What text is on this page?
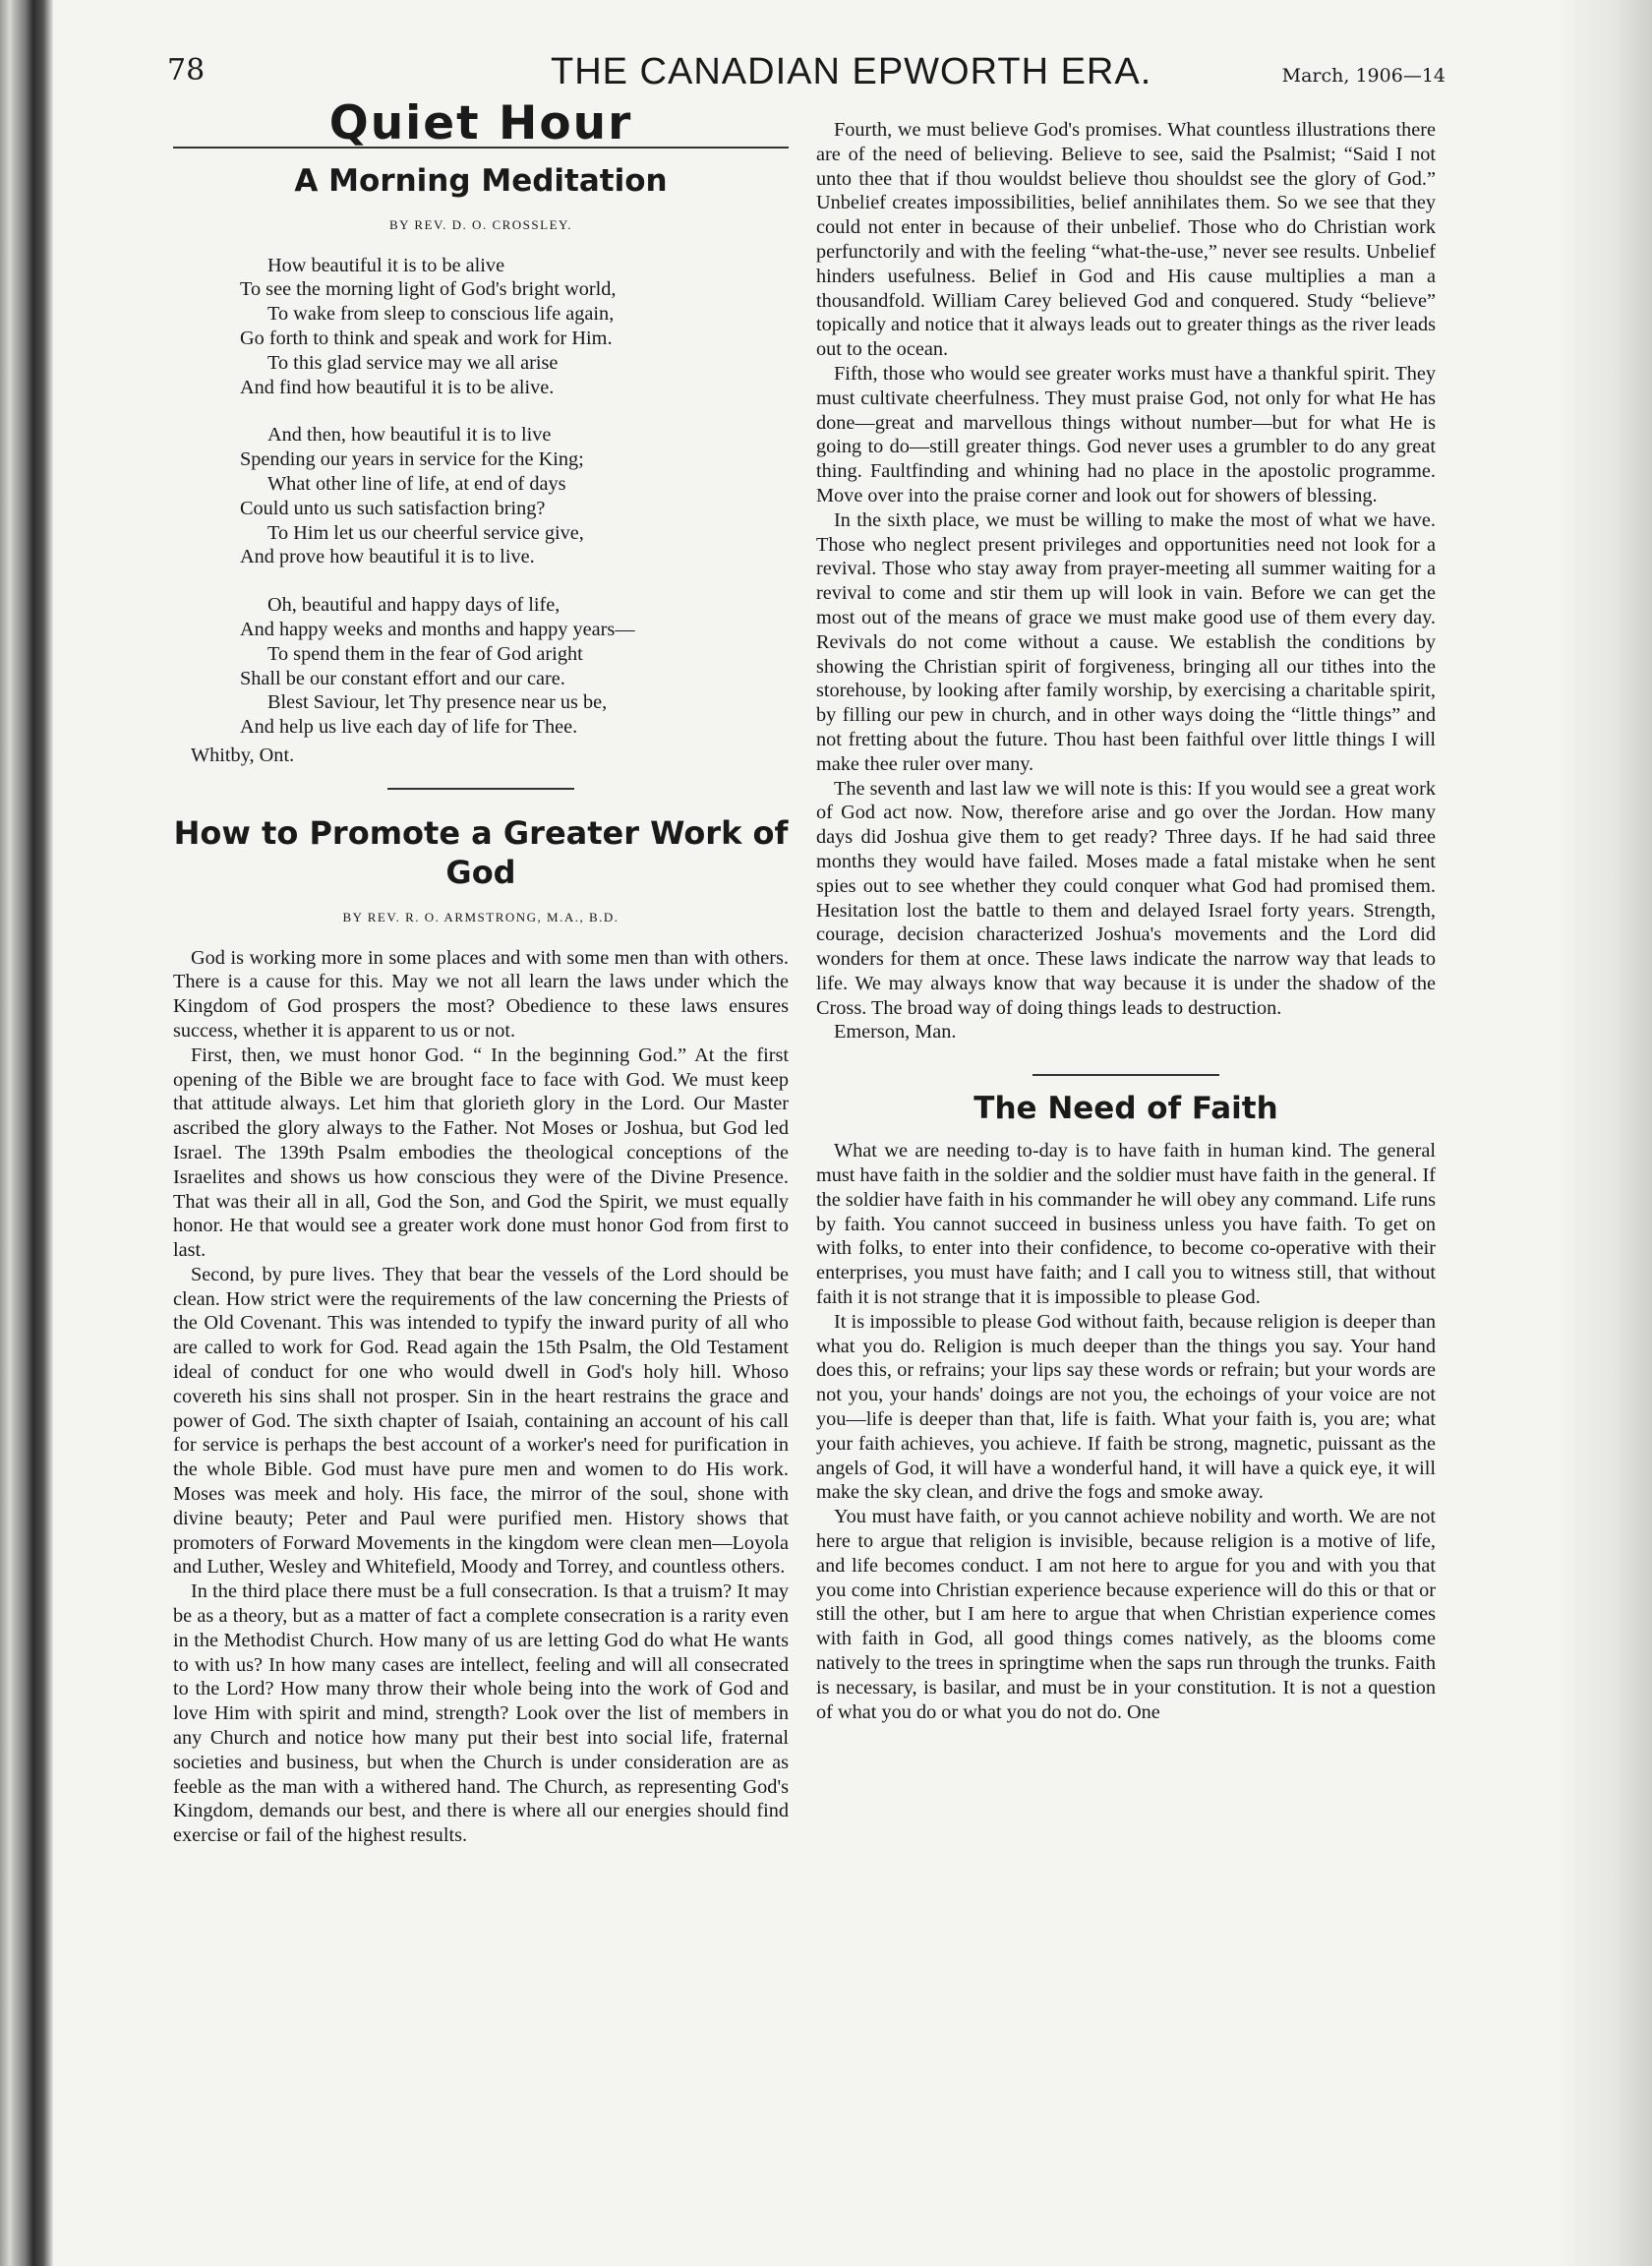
78	THE CANADIAN EPWORTH ERA.	March, 1906—14
Quiet Hour
A Morning Meditation
BY REV. D. O. CROSSLEY.
How beautiful it is to be alive
To see the morning light of God's bright world,
To wake from sleep to conscious life again,
Go forth to think and speak and work for Him.
To this glad service may we all arise
And find how beautiful it is to be alive.
And then, how beautiful it is to live
Spending our years in service for the King;
What other line of life, at end of days
Could unto us such satisfaction bring?
To Him let us our cheerful service give,
And prove how beautiful it is to live.
Oh, beautiful and happy days of life,
And happy weeks and months and happy years—
To spend them in the fear of God aright
Shall be our constant effort and our care.
Blest Saviour, let Thy presence near us be,
And help us live each day of life for Thee.
Whitby, Ont.
How to Promote a Greater Work of God
BY REV. R. O. ARMSTRONG, M.A., B.D.

God is working more in some places and with some men than with others. There is a cause for this. May we not all learn the laws under which the Kingdom of God prospers the most? Obedience to these laws ensures success, whether it is apparent to us or not.

First, then, we must honor God. “ In the beginning God.” At the first opening of the Bible we are brought face to face with God. We must keep that attitude always. Let him that glorieth glory in the Lord. Our Master ascribed the glory always to the Father. Not Moses or Joshua, but God led Israel. The 139th Psalm embodies the theological conceptions of the Israelites and shows us how conscious they were of the Divine Presence. That was their all in all, God the Son, and God the Spirit, we must equally honor. He that would see a greater work done must honor God from first to last.

Second, by pure lives. They that bear the vessels of the Lord should be clean. How strict were the requirements of the law concerning the Priests of the Old Covenant. This was intended to typify the inward purity of all who are called to work for God. Read again the 15th Psalm, the Old Testament ideal of conduct for one who would dwell in God's holy hill. Whoso covereth his sins shall not prosper. Sin in the heart restrains the grace and power of God. The sixth chapter of Isaiah, containing an account of his call for service is perhaps the best account of a worker's need for purification in the whole Bible. God must have pure men and women to do His work. Moses was meek and holy. His face, the mirror of the soul, shone with divine beauty; Peter and Paul were purified men. History shows that promoters of Forward Movements in the kingdom were clean men—Loyola and Luther, Wesley and Whitefield, Moody and Torrey, and countless others.

In the third place there must be a full consecration. Is that a truism? It may be as a theory, but as a matter of fact a complete consecration is a rarity even in the Methodist Church. How many of us are letting God do what He wants to with us? In how many cases are intellect, feeling and will all consecrated to the Lord? How many throw their whole being into the work of God and love Him with spirit and mind, strength? Look over the list of members in any Church and notice how many put their best into social life, fraternal societies and business, but when the Church is under consideration are as feeble as the man with a withered hand. The Church, as representing God's Kingdom, demands our best, and there is where all our energies should find exercise or fail of the highest results.

Fourth, we must believe God's promises. What countless illustrations there are of the need of believing. Believe to see, said the Psalmist; “Said I not unto thee that if thou wouldst believe thou shouldst see the glory of God.” Unbelief creates impossibilities, belief annihilates them. So we see that they could not enter in because of their unbelief. Those who do Christian work perfunctorily and with the feeling “what-the-use,” never see results. Unbelief hinders usefulness. Belief in God and His cause multiplies a man a thousandfold. William Carey believed God and conquered. Study “believe” topically and notice that it always leads out to greater things as the river leads out to the ocean.

Fifth, those who would see greater works must have a thankful spirit. They must cultivate cheerfulness. They must praise God, not only for what He has done—great and marvellous things without number—but for what He is going to do—still greater things. God never uses a grumbler to do any great thing. Faultfinding and whining had no place in the apostolic programme. Move over into the praise corner and look out for showers of blessing.

In the sixth place, we must be willing to make the most of what we have. Those who neglect present privileges and opportunities need not look for a revival. Those who stay away from prayer-meeting all summer waiting for a revival to come and stir them up will look in vain. Before we can get the most out of the means of grace we must make good use of them every day. Revivals do not come without a cause. We establish the conditions by showing the Christian spirit of forgiveness, bringing all our tithes into the storehouse, by looking after family worship, by exercising a charitable spirit, by filling our pew in church, and in other ways doing the “little things” and not fretting about the future. Thou hast been faithful over little things I will make thee ruler over many.

The seventh and last law we will note is this: If you would see a great work of God act now. Now, therefore arise and go over the Jordan. How many days did Joshua give them to get ready? Three days. If he had said three months they would have failed. Moses made a fatal mistake when he sent spies out to see whether they could conquer what God had promised them. Hesitation lost the battle to them and delayed Israel forty years. Strength, courage, decision characterized Joshua's movements and the Lord did wonders for them at once. These laws indicate the narrow way that leads to life. We may always know that way because it is under the shadow of the Cross. The broad way of doing things leads to destruction.

Emerson, Man.
The Need of Faith

What we are needing to-day is to have faith in human kind. The general must have faith in the soldier and the soldier must have faith in the general. If the soldier have faith in his commander he will obey any command. Life runs by faith. You cannot succeed in business unless you have faith. To get on with folks, to enter into their confidence, to become co-operative with their enterprises, you must have faith; and I call you to witness still, that without faith it is not strange that it is impossible to please God.

It is impossible to please God without faith, because religion is deeper than what you do. Religion is much deeper than the things you say. Your hand does this, or refrains; your lips say these words or refrain; but your words are not you, your hands' doings are not you, the echoings of your voice are not you—life is deeper than that, life is faith. What your faith is, you are; what your faith achieves, you achieve. If faith be strong, magnetic, puissant as the angels of God, it will have a wonderful hand, it will have a quick eye, it will make the sky clean, and drive the fogs and smoke away.

You must have faith, or you cannot achieve nobility and worth. We are not here to argue that religion is invisible, because religion is a motive of life, and life becomes conduct. I am not here to argue for you and with you that you come into Christian experience because experience will do this or that or still the other, but I am here to argue that when Christian experience comes with faith in God, all good things comes natively, as the blooms come natively to the trees in springtime when the saps run through the trunks. Faith is necessary, is basilar, and must be in your constitution. It is not a question of what you do or what you do not do. One
